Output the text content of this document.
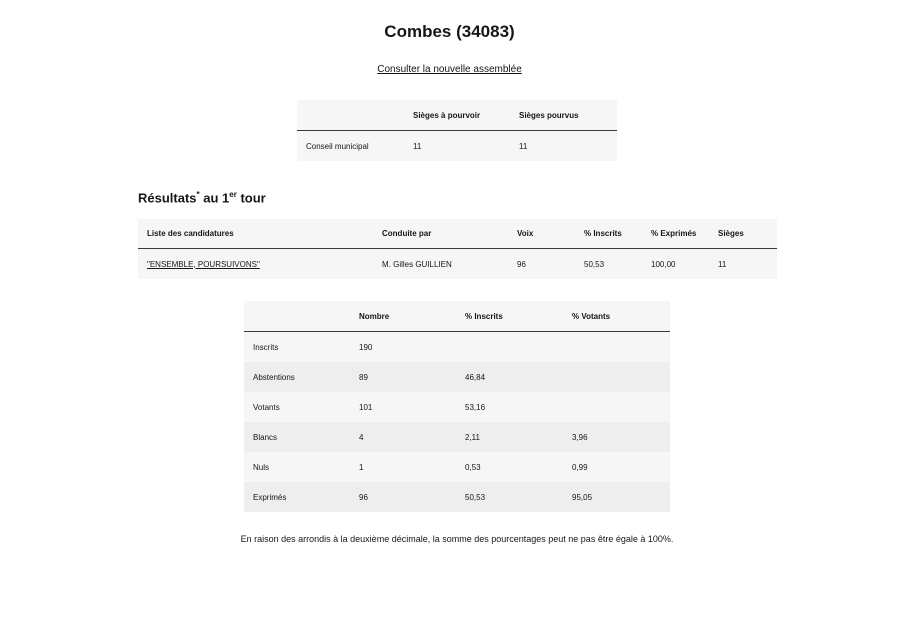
Combes (34083)
Consulter la nouvelle assemblée
	Sièges à pourvoir	Sièges pourvus
Conseil municipal	11	11
Résultats* au 1er tour
Liste des candidatures	Conduite par	Voix	% Inscrits	% Exprimés	Sièges
"ENSEMBLE, POURSUIVONS"	M. Gilles GUILLIEN	96	50,53	100,00	11
	Nombre	% Inscrits	% Votants
Inscrits	190		
Abstentions	89	46,84	
Votants	101	53,16	
Blancs	4	2,11	3,96
Nuls	1	0,53	0,99
Exprimés	96	50,53	95,05

En raison des arrondis à la deuxième décimale, la somme des pourcentages peut ne pas être égale à 100%.
